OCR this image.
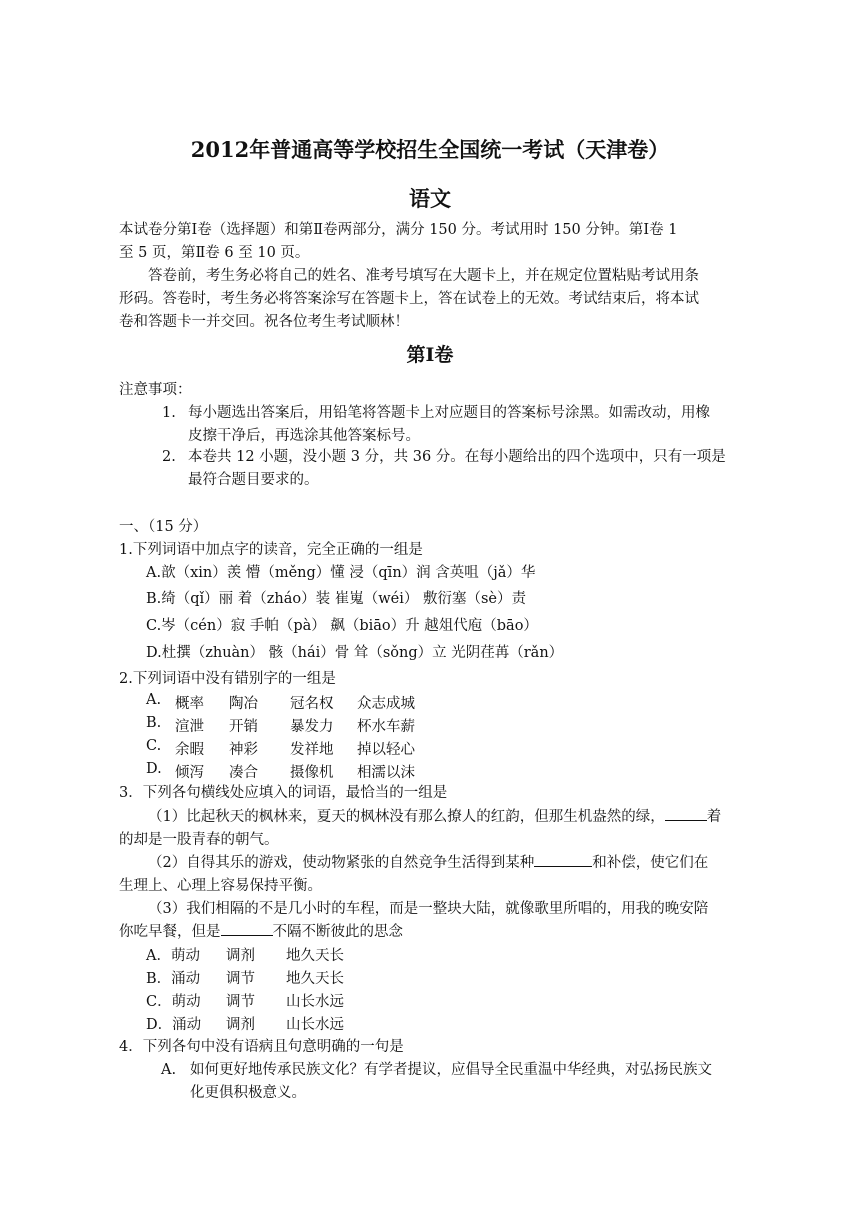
2012年普通高等学校招生全国统一考试（天津卷）
语文
本试卷分第Ⅰ卷（选择题）和第Ⅱ卷两部分，满分 150 分。考试用时 150 分钟。第Ⅰ卷 1
至 5 页，第Ⅱ卷 6 至 10 页。
答卷前，考生务必将自己的姓名、准考号填写在大题卡上，并在规定位置粘贴考试用条
形码。答卷时，考生务必将答案涂写在答题卡上，答在试卷上的无效。考试结束后，将本试
卷和答题卡一并交回。祝各位考生考试顺林！
第Ⅰ卷
注意事项：
1. 每小题选出答案后，用铅笔将答题卡上对应题目的答案标号涂黑。如需改动，用橡
皮擦干净后，再选涂其他答案标号。
2. 本卷共 12 小题，没小题 3 分，共 36 分。在每小题给出的四个选项中，只有一项是
最符合题目要求的。
一、（15 分）
1.下列词语中加点字的读音，完全正确的一组是
A.歆（xin）羡 懵（měng）懂 浸（qīn）润 含英咀（jǎ）华
B.绮（qǐ）丽 着（zháo）装 崔嵬（wéi） 敷衍塞（sè）责
C.岑（cén）寂 手帕（pà） 飙（biāo）升 越俎代庖（bāo）
D.杜撰（zhuàn） 骸（hái）骨 耸（sǒng）立 光阴荏苒（rǎn）
2.下列词语中没有错别字的一组是
A. 概率 陶冶 冠名权 众志成城
B. 渲泄 开销 暴发力 杯水车薪
C. 余暇 神彩 发祥地 掉以轻心
D. 倾泻 凑合 摄像机 相濡以沫
3．下列各句横线处应填入的词语，最恰当的一组是
（1）比起秋天的枫林来，夏天的枫林没有那么撩人的红韵，但那生机盎然的绿，	着
的却是一股青春的朝气。
（2）自得其乐的游戏，使动物紧张的自然竞争生活得到某种	和补偿，使它们在
生理上、心理上容易保持平衡。
（3）我们相隔的不是几小时的车程，而是一整块大陆，就像歌里所唱的，用我的晚安陪
你吃早餐，但是	不隔不断彼此的思念
A．萌动 调剂 地久天长
B．涌动 调节 地久天长
C．萌动 调节 山长水远
D．涌动 调剂 山长水远
4．下列各句中没有语病且句意明确的一句是
A. 如何更好地传承民族文化？有学者提议，应倡导全民重温中华经典，对弘扬民族文
化更俱积极意义。
